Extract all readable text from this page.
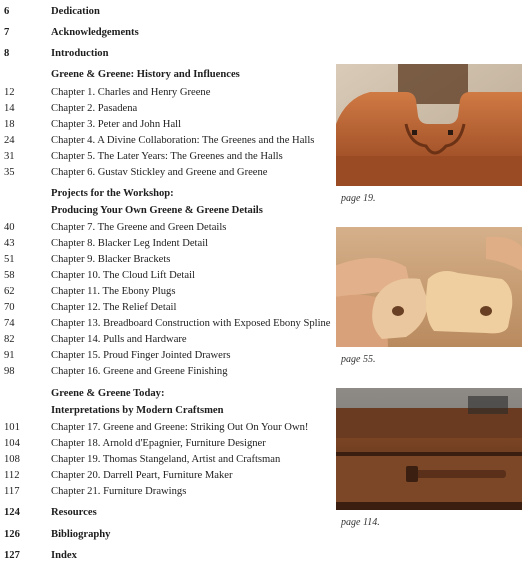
6	Dedication
7	Acknowledgements
8	Introduction
Greene & Greene: History and Influences
12	Chapter 1. Charles and Henry Greene
14	Chapter 2. Pasadena
18	Chapter 3. Peter and John Hall
24	Chapter 4. A Divine Collaboration: The Greenes and the Halls
31	Chapter 5. The Later Years: The Greenes and the Halls
35	Chapter 6. Gustav Stickley and Greene and Greene
Projects for the Workshop:
Producing Your Own Greene & Greene Details
40	Chapter 7. The Greene and Green Details
43	Chapter 8. Blacker Leg Indent Detail
51	Chapter 9. Blacker Brackets
58	Chapter 10. The Cloud Lift Detail
62	Chapter 11. The Ebony Plugs
70	Chapter 12. The Relief Detail
74	Chapter 13. Breadboard Construction with Exposed Ebony Spline
82	Chapter 14. Pulls and Hardware
91	Chapter 15. Proud Finger Jointed Drawers
98	Chapter 16. Greene and Greene Finishing
Greene & Greene Today:
Interpretations by Modern Craftsmen
101	Chapter 17. Greene and Greene: Striking Out On Your Own!
104	Chapter 18. Arnold d'Epagnier, Furniture Designer
108	Chapter 19. Thomas Stangeland, Artist and Craftsman
112	Chapter 20. Darrell Peart, Furniture Maker
117	Chapter 21. Furniture Drawings
124	Resources
126	Bibliography
127	Index
page 19.
page 55.
page 114.
